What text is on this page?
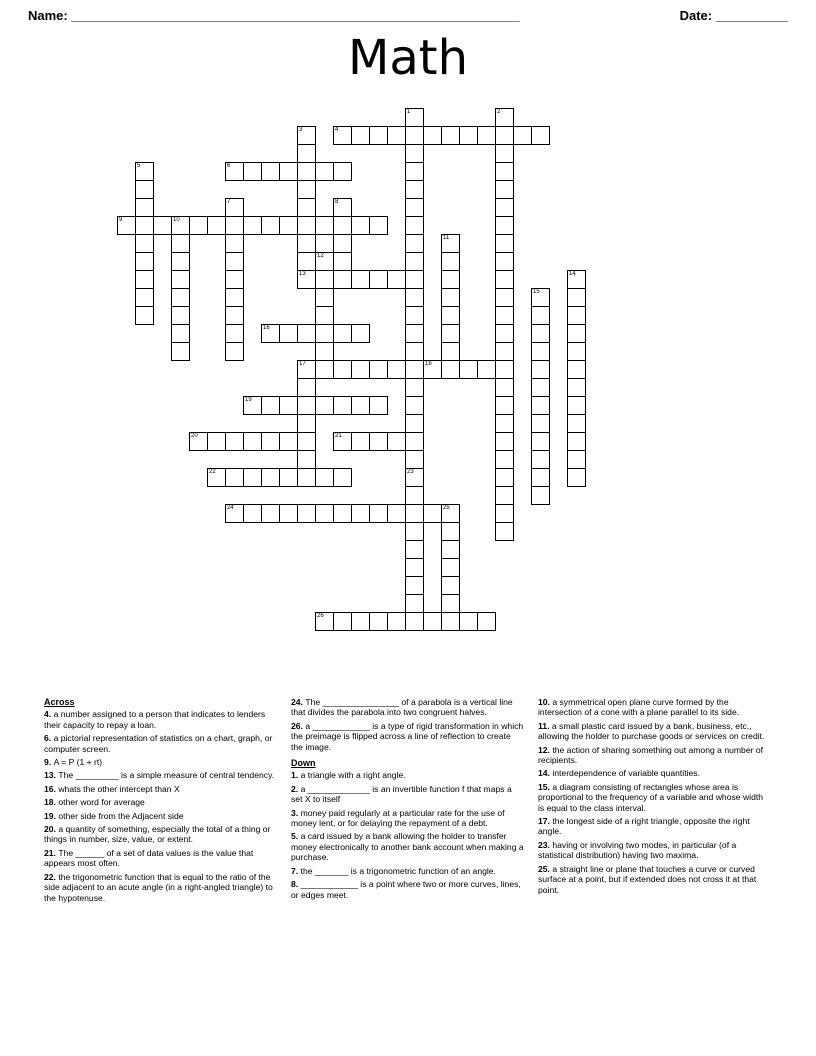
Name: ______________________________________________________________	Date: __________
Math
1	2
3	4
5	6
7	8
9	10
11
12
13	14
15
16
17	18
19
20	21
22	23
24	25
26
Across
4. a number assigned to a person that indicates to lenders their capacity to repay a loan.
6. a pictorial representation of statistics on a chart, graph, or computer screen.
9. A = P (1 + rt)
13. The _________ is a simple measure of central tendency.
16. whats the other intercept than X
18. other word for average
19. other side from the Adjacent side
20. a quantity of something, especially the total of a thing or things in number, size, value, or extent.
21. The ______ of a set of data values is the value that appears most often.
22. the trigonometric function that is equal to the ratio of the side adjacent to an acute angle (in a right-angled triangle) to the hypotenuse.
24. The ________________ of a parabola is a vertical line that divides the parabola into two congruent halves.
26. a ____________ is a type of rigid transformation in which the preimage is flipped across a line of reflection to create the image.
Down
1. a triangle with a right angle.
2. a _____________ is an invertible function f that maps a set X to itself
3. money paid regularly at a particular rate for the use of money lent, or for delaying the repayment of a debt.
5. a card issued by a bank allowing the holder to transfer money electronically to another bank account when making a purchase.
7. the _______ is a trigonometric function of an angle.
8. ____________ is a point where two or more curves, lines, or edges meet.
10. a symmetrical open plane curve formed by the intersection of a cone with a plane parallel to its side.
11. a small plastic card issued by a bank, business, etc., allowing the holder to purchase goods or services on credit.
12. the action of sharing something out among a number of recipients.
14. interdependence of variable quantities.
15. a diagram consisting of rectangles whose area is proportional to the frequency of a variable and whose width is equal to the class interval.
17. the longest side of a right triangle, opposite the right angle.
23. having or involving two modes, in particular (of a statistical distribution) having two maxima.
25. a straight line or plane that touches a curve or curved surface at a point, but if extended does not cross it at that point.
